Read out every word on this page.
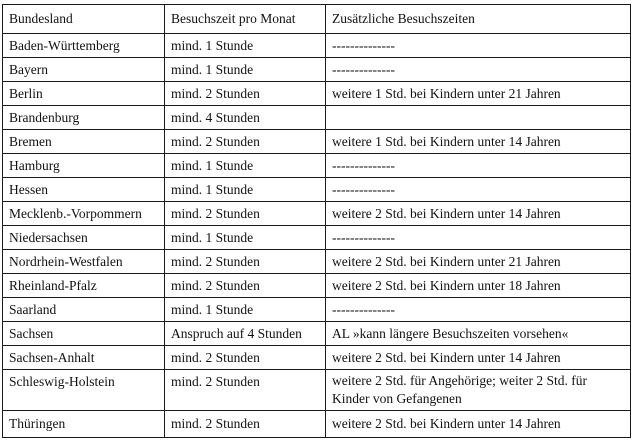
Bundesland	Besuchszeit pro Monat	Zusätzliche Besuchszeiten
Baden-Württemberg	mind. 1 Stunde	--------------
Bayern	mind. 1 Stunde	--------------
Berlin	mind. 2 Stunden	weitere 1 Std. bei Kindern unter 21 Jahren
Brandenburg	mind. 4 Stunden	
Bremen	mind. 2 Stunden	weitere 1 Std. bei Kindern unter 14 Jahren
Hamburg	mind. 1 Stunde	--------------
Hessen	mind. 1 Stunde	--------------
Mecklenb.-Vorpommern	mind. 2 Stunden	weitere 2 Std. bei Kindern unter 14 Jahren
Niedersachsen	mind. 1 Stunde	--------------
Nordrhein-Westfalen	mind. 2 Stunden	weitere 2 Std. bei Kindern unter 21 Jahren
Rheinland-Pfalz	mind. 2 Stunden	weitere 2 Std. bei Kindern unter 18 Jahren
Saarland	mind. 1 Stunde	--------------
Sachsen	Anspruch auf 4 Stunden	AL »kann längere Besuchszeiten vorsehen«
Sachsen-Anhalt	mind. 2 Stunden	weitere 2 Std. bei Kindern unter 14 Jahren
Schleswig-Holstein	mind. 2 Stunden	weitere 2 Std. für Angehörige; weiter 2 Std. für Kinder von Gefangenen
Thüringen	mind. 2 Stunden	weitere 2 Std. bei Kindern unter 14 Jahren
